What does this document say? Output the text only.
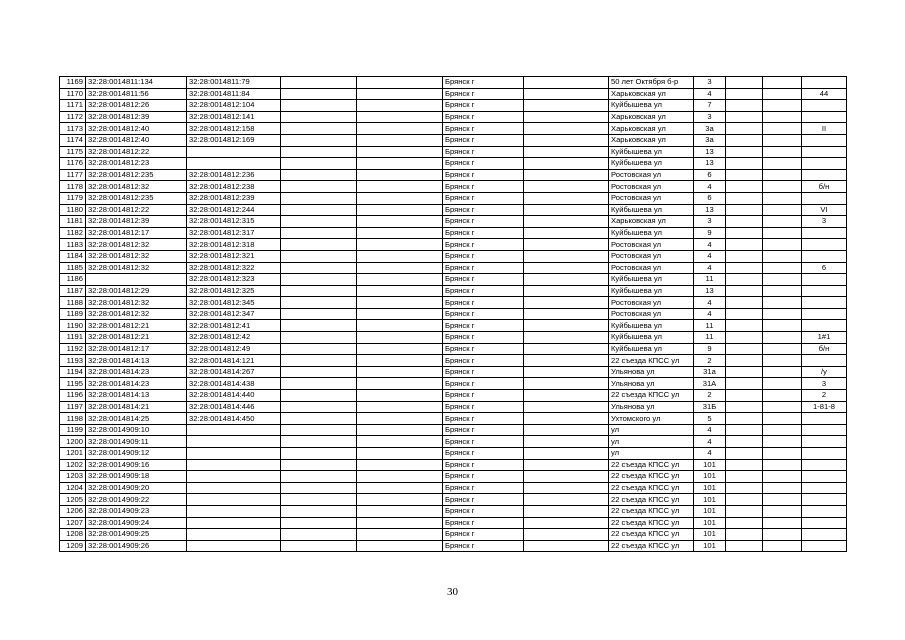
1169	32:28:0014811:134	32:28:0014811:79			Брянск г		50 лет Октября б-р	3			
1170	32:28:0014811:56	32:28:0014811:84			Брянск г		Харьковская ул	4			44
1171	32:28:0014812:26	32:28:0014812:104			Брянск г		Куйбышева ул	7			
1172	32:28:0014812:39	32:28:0014812:141			Брянск г		Харьковская ул	3			
1173	32:28:0014812:40	32:28:0014812:158			Брянск г		Харьковская ул	3а			II
1174	32:28:0014812:40	32:28:0014812:169			Брянск г		Харьковская ул	3а			
1175	32:28:0014812:22				Брянск г		Куйбышева ул	13			
1176	32:28:0014812:23				Брянск г		Куйбышева ул	13			
1177	32:28:0014812:235	32:28:0014812:236			Брянск г		Ростовская ул	6			
1178	32:28:0014812:32	32:28:0014812:238			Брянск г		Ростовская ул	4			б/н
1179	32:28:0014812:235	32:28:0014812:239			Брянск г		Ростовская ул	6			
1180	32:28:0014812:22	32:28:0014812:244			Брянск г		Куйбышева ул	13			VI
1181	32:28:0014812:39	32:28:0014812:315			Брянск г		Харьковская ул	3			3
1182	32:28:0014812:17	32:28:0014812:317			Брянск г		Куйбышева ул	9			
1183	32:28:0014812:32	32:28:0014812:318			Брянск г		Ростовская ул	4			
1184	32:28:0014812:32	32:28:0014812:321			Брянск г		Ростовская ул	4			
1185	32:28:0014812:32	32:28:0014812:322			Брянск г		Ростовская ул	4			6
1186		32:28:0014812:323			Брянск г		Куйбышева ул	11			
1187	32:28:0014812:29	32:28:0014812:325			Брянск г		Куйбышева ул	13			
1188	32:28:0014812:32	32:28:0014812:345			Брянск г		Ростовская ул	4			
1189	32:28:0014812:32	32:28:0014812:347			Брянск г		Ростовская ул	4			
1190	32:28:0014812:21	32:28:0014812:41			Брянск г		Куйбышева ул	11			
1191	32:28:0014812:21	32:28:0014812:42			Брянск г		Куйбышева ул	11			1#1
1192	32:28:0014812:17	32:28:0014812:49			Брянск г		Куйбышева ул	9			б/н
1193	32:28:0014814:13	32:28:0014814:121			Брянск г		22 съезда КПСС ул	2			
1194	32:28:0014814:23	32:28:0014814:267			Брянск г		Ульянова ул	31а			/у
1195	32:28:0014814:23	32:28:0014814:438			Брянск г		Ульянова ул	31А			3
1196	32:28:0014814:13	32:28:0014814:440			Брянск г		22 съезда КПСС ул	2			2
1197	32:28:0014814:21	32:28:0014814:446			Брянск г		Ульянова ул	31Б			1-81-8
1198	32:28:0014814:25	32:28:0014814:450			Брянск г		Ухтомского ул	5			
1199	32:28:0014909:10				Брянск г		ул	4			
1200	32:28:0014909:11				Брянск г		ул	4			
1201	32:28:0014909:12				Брянск г		ул	4			
1202	32:28:0014909:16				Брянск г		22 съезда КПСС ул	101			
1203	32:28:0014909:18				Брянск г		22 съезда КПСС ул	101			
1204	32:28:0014909:20				Брянск г		22 съезда КПСС ул	101			
1205	32:28:0014909:22				Брянск г		22 съезда КПСС ул	101			
1206	32:28:0014909:23				Брянск г		22 съезда КПСС ул	101			
1207	32:28:0014909:24				Брянск г		22 съезда КПСС ул	101			
1208	32:28:0014909:25				Брянск г		22 съезда КПСС ул	101			
1209	32:28:0014909:26				Брянск г		22 съезда КПСС ул	101			
30
